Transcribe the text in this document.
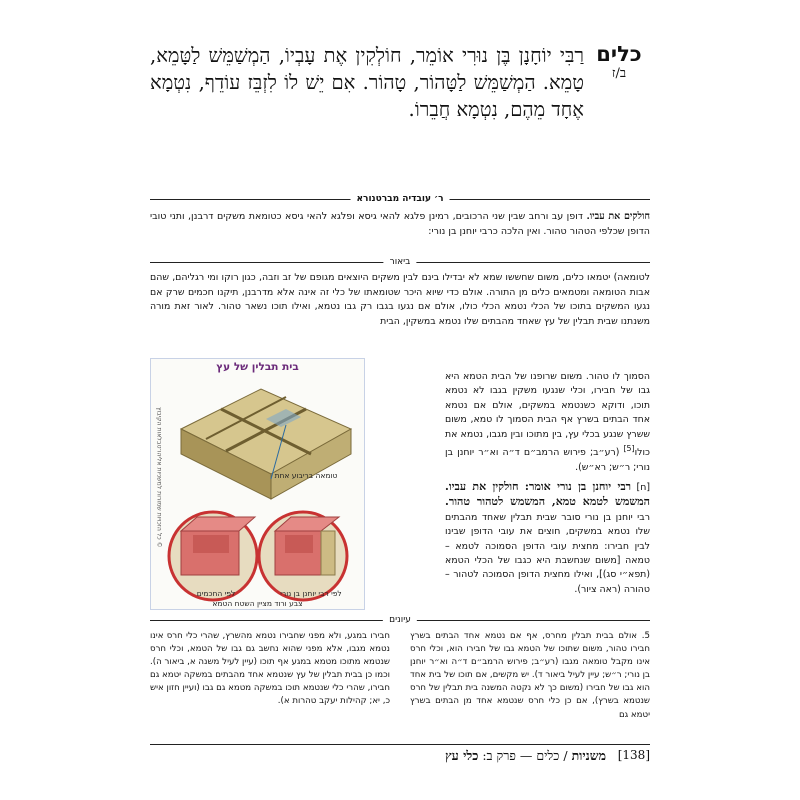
כלים
ב/ז
רַבִּי יוֹחָנָן בֶּן נוּרִי אוֹמֵר, חוֹלְקִין אֶת עָבְיוֹ, הַמְשַׁמֵּשׁ לַטָּמֵא, טָמֵא. הַמְשַׁמֵּשׁ לַטָּהוֹר, טָהוֹר. אִם יֵשׁ לוֹ לִזְבֵּז עוֹדֵף, נִטְמָא אֶחָד מֵהֶם, נִטְמָא חֲבֵרוֹ.
ר׳ עובדיה מברטנורא
חולקים את עביו. דופן עב ורחב שבין שני הרכובים, רמינן פלגא להאי גיסא ופלגא להאי גיסא כטומאת משקים דרבנן, ותני טובי הדופן שכלפי הטהור טהור. ואין הלכה כרבי יוחנן בן נורי:
ביאור
לטומאה) יטמאו כלים, משום שחששו שמא לא יבדילו בינם לבין משקים היוצאים מגופם של זב וזבה, כגון רוקו ומי רגליהם, שהם אבות הטומאה ומטמאים כלים מן התורה. אולם כדי שיוא היכר שטומאתו של כלי זה אינה אלא מדרבנן, תיקנו חכמים שרק אם נגעו המשקים בתוכו של הכלי נטמא הכלי כולו, אולם אם נגעו בגבו רק גבו נטמא, ואילו תוכו נשאר טהור. לאור זאת מורה משנתנו שבית תבלין של עץ שאחד מהבתים שלו נטמא במשקין, הבית
הסמוך לו טהור. משום שרופנו של הבית הטמא היא גבו של חבירו, וכלי שנגעו משקין בגבו לא נטמא תוכו, ודוקא כשנטמא במשקים, אולם אם נטמא אחד הבתים בשרץ אף הבית הסמוך לו טמא, משום ששרץ שנגע בכלי עץ, בין מתוכו ובין מגבו, נטמא את כולו[5] (רע״ב; פירוש הרמב״ם ד״ה וא״ר יוחנן בן נורי; ר״ש; רא״ש).
[ח] רבי יוחנן בן נורי אומר: חולקין את עביו. המשמש לטמא טמא, המשמש לטהור טהור. רבי יוחנן בן נורי סובר שבית תבלין שאחד מהבתים שלו נטמא במשקים, חוצים את עובי הדופן שבינו לבין חבירו: מחצית עובי הדופן הסמוכה לטמא – טמאה [משום שנחשבת היא כגבו של הכלי הטמא (תפא״י סג)], ואילו מחצית הדופן הסמוכה לטהור – טהורה (ראה ציור).
בית תבלין של עץ
© כל הזכויות שמורות למשניות אליהו־טבלאות הקיבוץ	טומאה בריבוע אחת
לפי החכמים	לפי רבי יוחנן בן נורי
צבע ורוד מציין השטח הטמא
עיונים
5. אולם בבית תבלין מחרס, אף אם נטמא אחד הבתים בשרץ חבירו טהור, משום שתוכו של הטמא גבו של חבירו הוא, וכלי חרס אינו מקבל טומאה מגבו (רע״ב; פירוש הרמב״ם ד״ה וא״ר יוחנן בן נורי; ר״ש; עיין לעיל ביאור ד). יש מקשים, אם תוכו של בית אחד הוא גבו של חבירו (משום כך לא נקטה המשנה בית תבלין של חרס שנטמא בשרץ), אם כן כלי חרס שנטמא אחד מן הבתים בשרץ יטמא גם
חבירו במגע, ולא מפני שחבירו נטמא מהשרץ, שהרי כלי חרס אינו נטמא מגבו, אלא מפני שהוא נחשב גם גבו של הטמא, וכלי חרס שנטמא מתוכו מטמא במגע אף תוכו (עיין לעיל משנה א, ביאור ה). וכמו כן בבית תבלין של עץ שנטמא אחד מהבתים במשקה יטמא גם חבירו, שהרי כלי שנטמא תוכו במשקה מטמא גם גבו (ועיין חזון איש כ, יא; קהילות יעקב טהרות א).
[138]
משניות / כלים — פרק ב: כלי עץ
